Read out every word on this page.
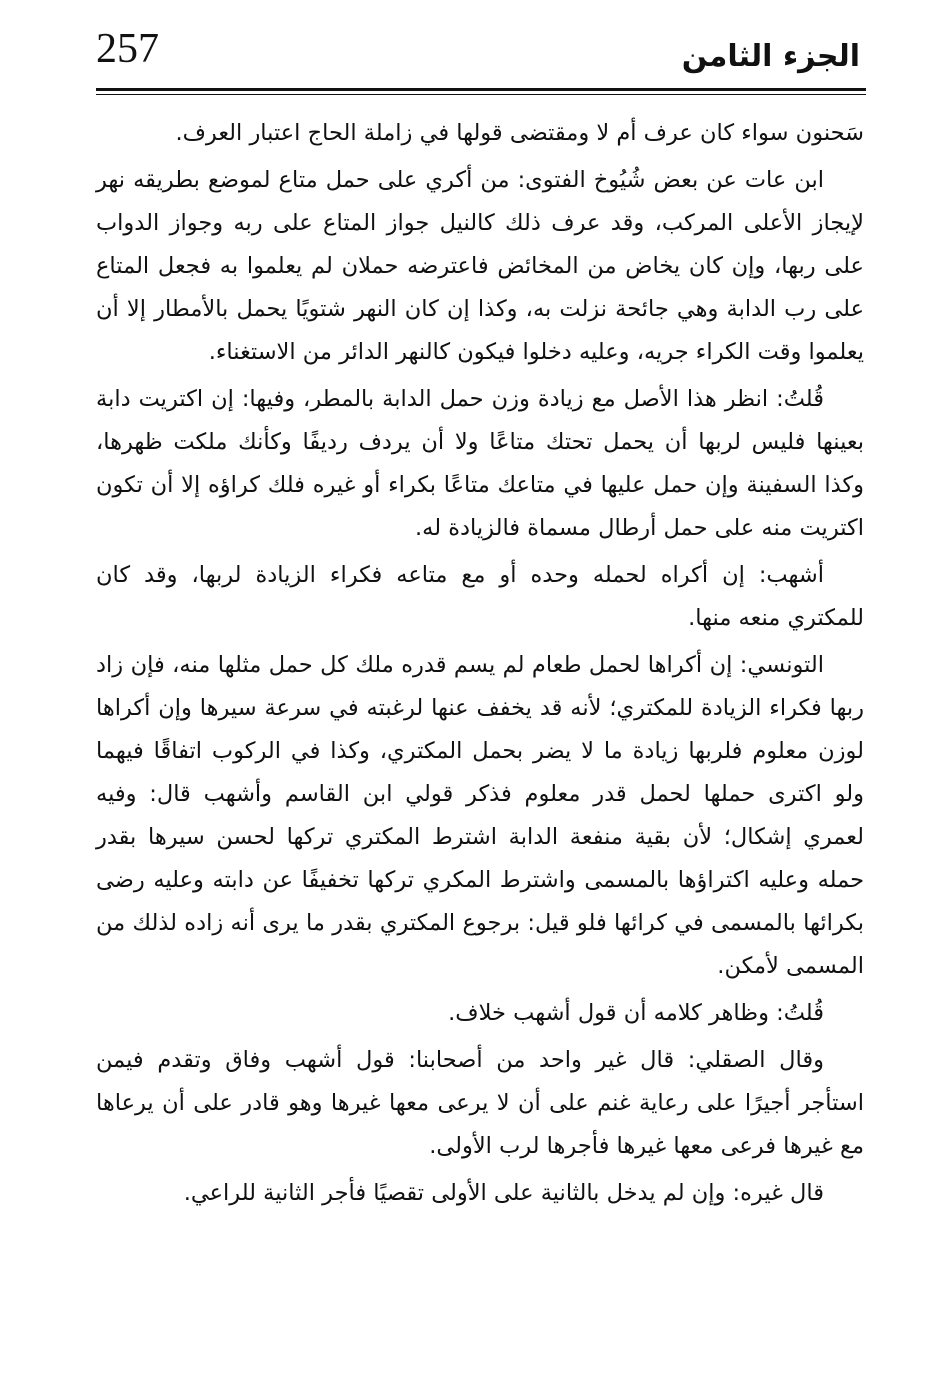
257	الجزء الثامن

سَحنون سواء كان عرف أم لا ومقتضى قولها في زاملة الحاج اعتبار العرف.

ابن عات عن بعض شُيُوخ الفتوى: من أكري على حمل متاع لموضع بطريقه نهر لإيجاز الأعلى المركب، وقد عرف ذلك كالنيل جواز المتاع على ربه وجواز الدواب على ربها، وإن كان يخاض من المخائض فاعترضه حملان لم يعلموا به فجعل المتاع على رب الدابة وهي جائحة نزلت به، وكذا إن كان النهر شتويًا يحمل بالأمطار إلا أن يعلموا وقت الكراء جريه، وعليه دخلوا فيكون كالنهر الدائر من الاستغناء.

قُلتُ: انظر هذا الأصل مع زيادة وزن حمل الدابة بالمطر، وفيها: إن اكتريت دابة بعينها فليس لربها أن يحمل تحتك متاعًا ولا أن يردف رديفًا وكأنك ملكت ظهرها، وكذا السفينة وإن حمل عليها في متاعك متاعًا بكراء أو غيره فلك كراؤه إلا أن تكون اكتريت منه على حمل أرطال مسماة فالزيادة له.

أشهب: إن أكراه لحمله وحده أو مع متاعه فكراء الزيادة لربها، وقد كان للمكتري منعه منها.

التونسي: إن أكراها لحمل طعام لم يسم قدره ملك كل حمل مثلها منه، فإن زاد ربها فكراء الزيادة للمكتري؛ لأنه قد يخفف عنها لرغبته في سرعة سيرها وإن أكراها لوزن معلوم فلربها زيادة ما لا يضر بحمل المكتري، وكذا في الركوب اتفاقًا فيهما ولو اكترى حملها لحمل قدر معلوم فذكر قولي ابن القاسم وأشهب قال: وفيه لعمري إشكال؛ لأن بقية منفعة الدابة اشترط المكتري تركها لحسن سيرها بقدر حمله وعليه اكتراؤها بالمسمى واشترط المكري تركها تخفيفًا عن دابته وعليه رضى بكرائها بالمسمى في كرائها فلو قيل: برجوع المكتري بقدر ما يرى أنه زاده لذلك من المسمى لأمكن.

قُلتُ: وظاهر كلامه أن قول أشهب خلاف.

وقال الصقلي: قال غير واحد من أصحابنا: قول أشهب وفاق وتقدم فيمن استأجر أجيرًا على رعاية غنم على أن لا يرعى معها غيرها وهو قادر على أن يرعاها مع غيرها فرعى معها غيرها فأجرها لرب الأولى.

قال غيره: وإن لم يدخل بالثانية على الأولى تقصيًا فأجر الثانية للراعي.
